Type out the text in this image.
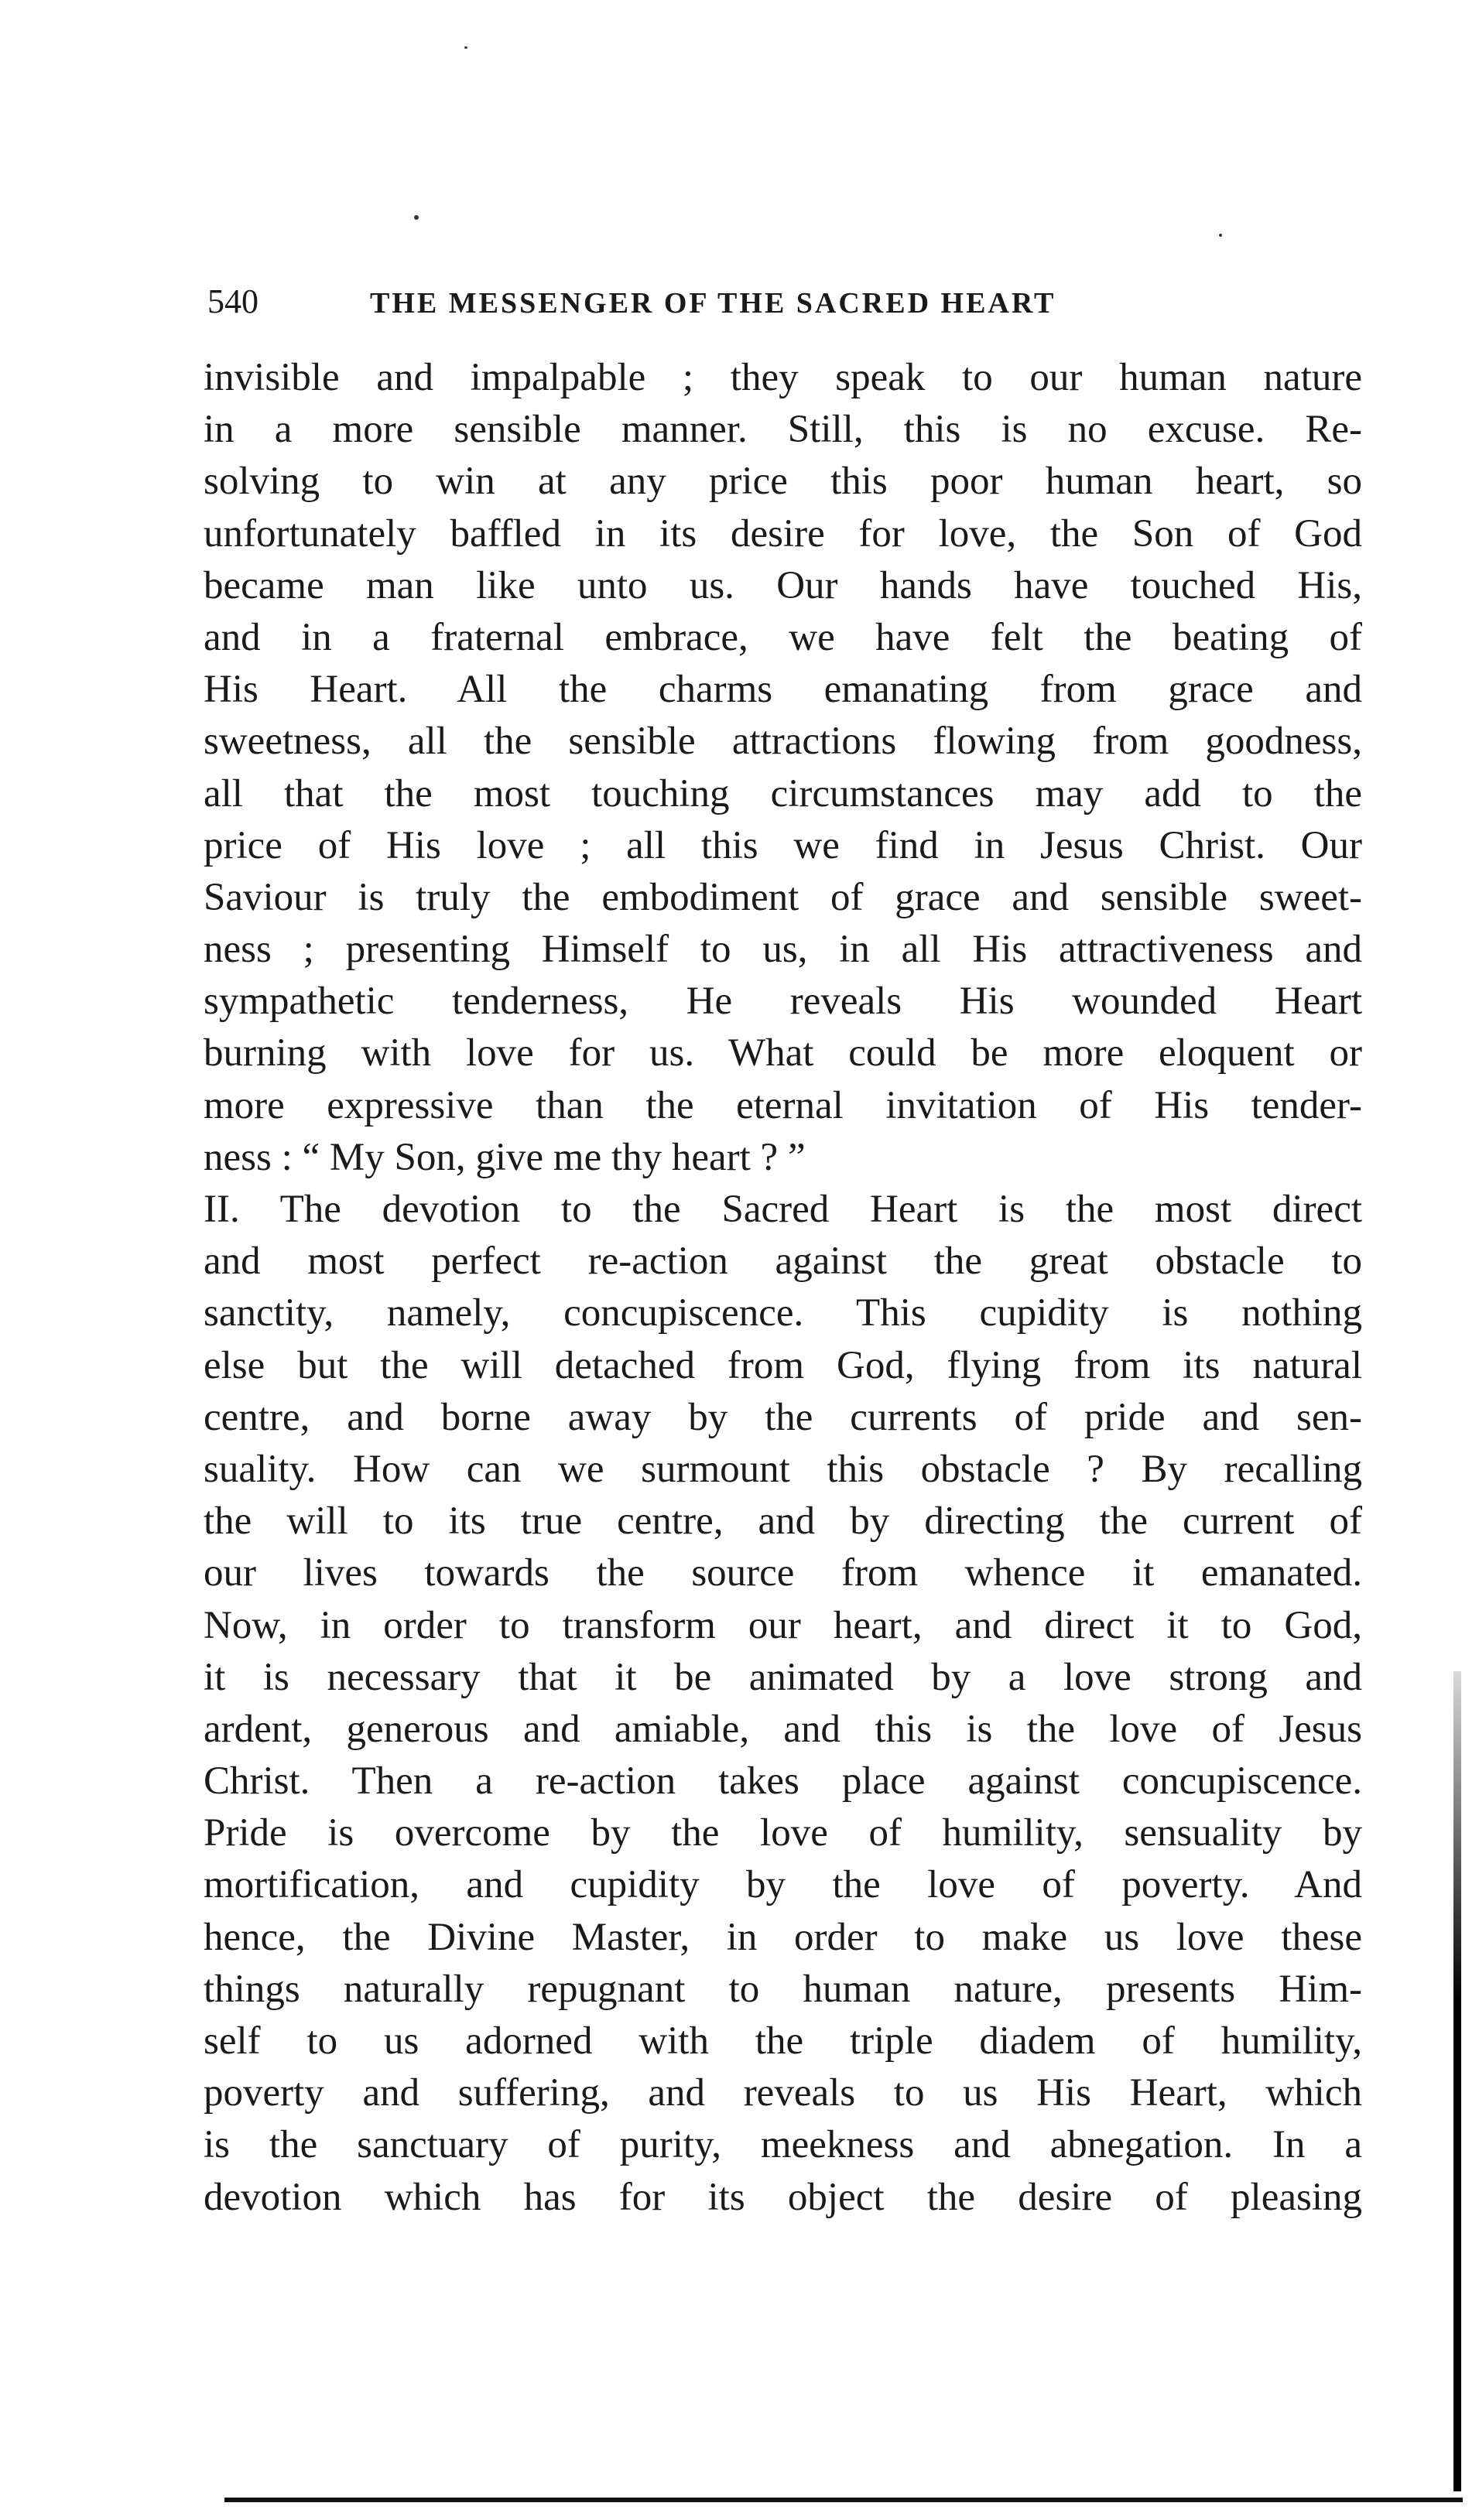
540	THE MESSENGER OF THE SACRED HEART
invisible and impalpable ; they speak to our human nature
in a more sensible manner. Still, this is no excuse. Re-
solving to win at any price this poor human heart, so
unfortunately baffled in its desire for love, the Son of God
became man like unto us. Our hands have touched His,
and in a fraternal embrace, we have felt the beating of
His Heart. All the charms emanating from grace and
sweetness, all the sensible attractions flowing from goodness,
all that the most touching circumstances may add to the
price of His love ; all this we find in Jesus Christ. Our
Saviour is truly the embodiment of grace and sensible sweet-
ness ; presenting Himself to us, in all His attractiveness and
sympathetic tenderness, He reveals His wounded Heart
burning with love for us. What could be more eloquent or
more expressive than the eternal invitation of His tender-
ness : “ My Son, give me thy heart ? ”
II. The devotion to the Sacred Heart is the most direct
and most perfect re-action against the great obstacle to
sanctity, namely, concupiscence. This cupidity is nothing
else but the will detached from God, flying from its natural
centre, and borne away by the currents of pride and sen-
suality. How can we surmount this obstacle ? By recalling
the will to its true centre, and by directing the current of
our lives towards the source from whence it emanated.
Now, in order to transform our heart, and direct it to God,
it is necessary that it be animated by a love strong and
ardent, generous and amiable, and this is the love of Jesus
Christ. Then a re-action takes place against concupiscence.
Pride is overcome by the love of humility, sensuality by
mortification, and cupidity by the love of poverty. And
hence, the Divine Master, in order to make us love these
things naturally repugnant to human nature, presents Him-
self to us adorned with the triple diadem of humility,
poverty and suffering, and reveals to us His Heart, which
is the sanctuary of purity, meekness and abnegation. In a
devotion which has for its object the desire of pleasing
